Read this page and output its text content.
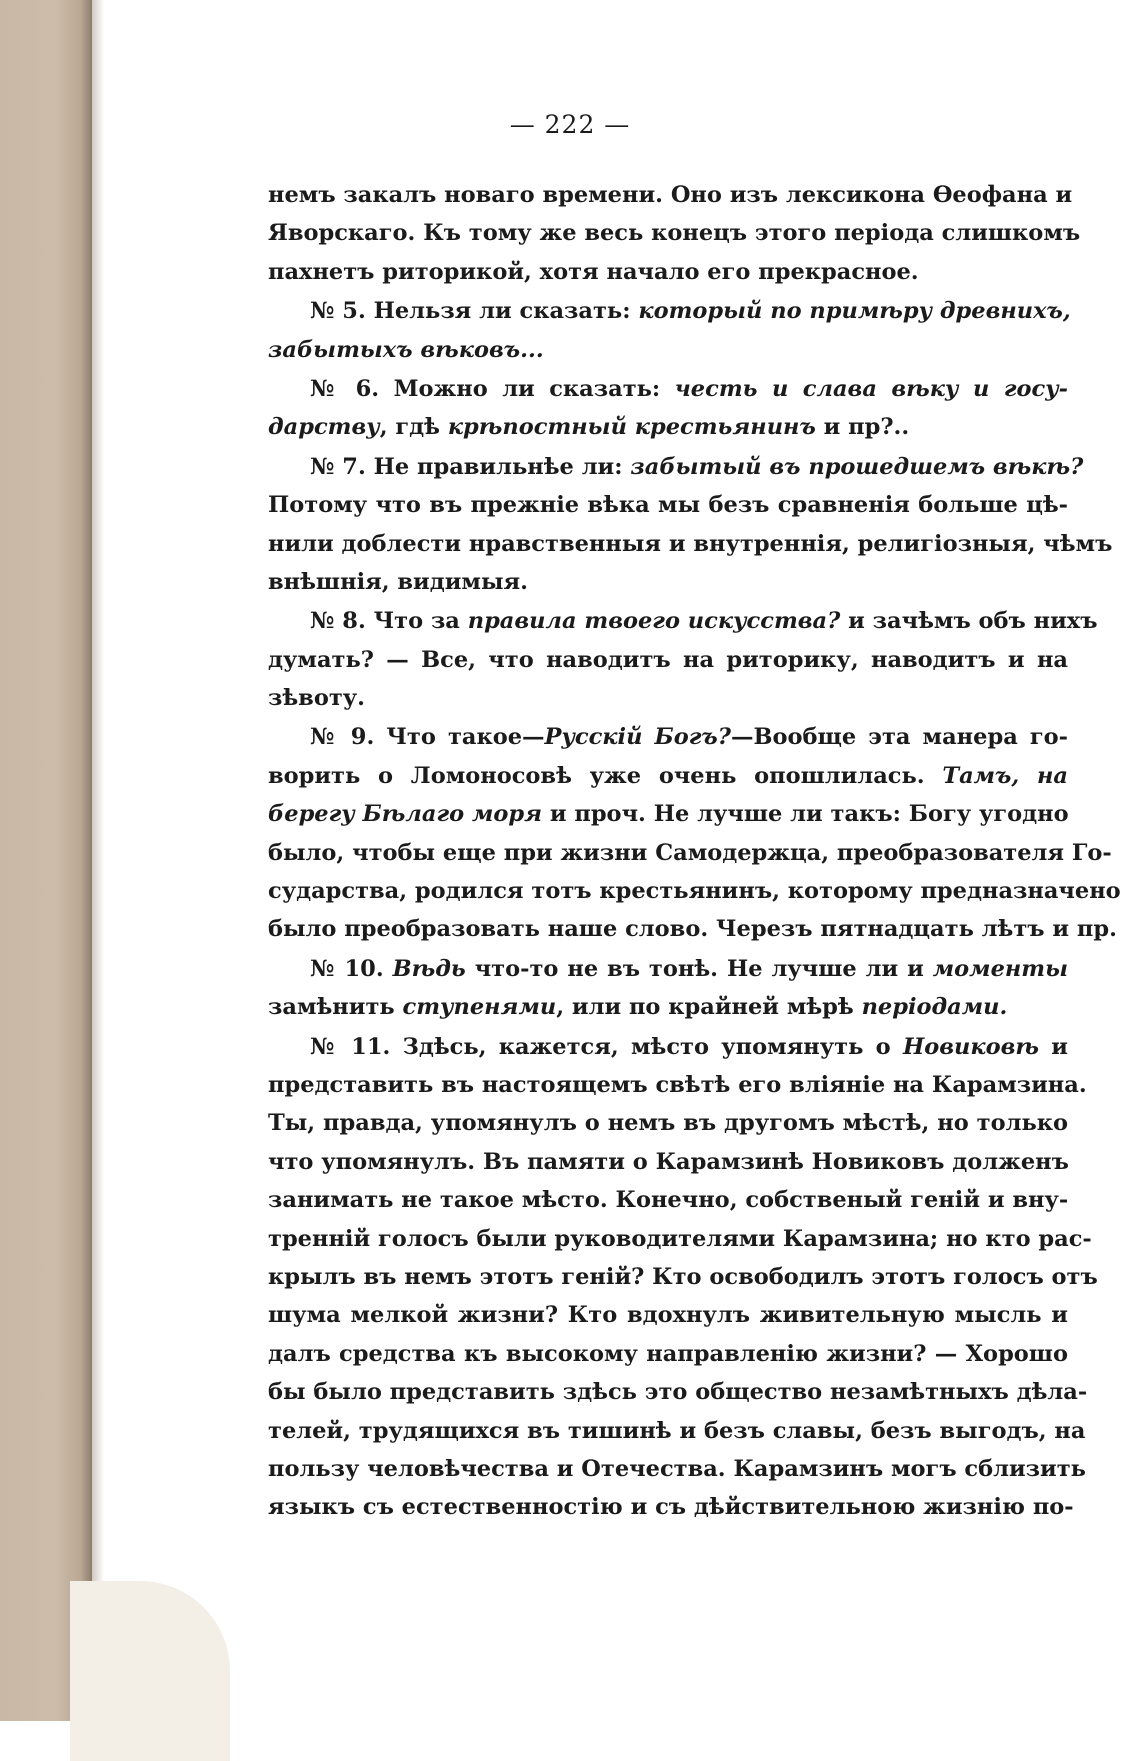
— 222 —
немъ закалъ новаго времени. Оно изъ лексикона Өеофана и
Яворскаго. Къ тому же весь конецъ этого періода слишкомъ
пахнетъ риторикой, хотя начало его прекрасное.
№ 5. Нельзя ли сказать: который по примѣру древнихъ,
забытыхъ вѣковъ...
№ 6. Можно ли сказать: честь и слава вѣку и госу-
дарству, гдѣ крѣпостный крестьянинъ и пр?..
№ 7. Не правильнѣе ли: забытый въ прошедшемъ вѣкѣ?
Потому что въ прежніе вѣка мы безъ сравненія больше цѣ-
нили доблести нравственныя и внутреннія, религіозныя, чѣмъ
внѣшнія, видимыя.
№ 8. Что за правила твоего искусства? и зачѣмъ объ нихъ
думать? — Все, что наводитъ на риторику, наводитъ и на
зѣвоту.
№ 9. Что такое—Русскій Богъ?—Вообще эта манера го-
ворить о Ломоносовѣ уже очень опошлилась. Тамъ, на
берегу Бѣлаго моря и проч. Не лучше ли такъ: Богу угодно
было, чтобы еще при жизни Самодержца, преобразователя Го-
сударства, родился тотъ крестьянинъ, которому предназначено
было преобразовать наше слово. Черезъ пятнадцать лѣтъ и пр.
№ 10. Вѣдь что-то не въ тонѣ. Не лучше ли и моменты
замѣнить ступенями, или по крайней мѣрѣ періодами.
№ 11. Здѣсь, кажется, мѣсто упомянуть о Новиковѣ и
представить въ настоящемъ свѣтѣ его вліяніе на Карамзина.
Ты, правда, упомянулъ о немъ въ другомъ мѣстѣ, но только
что упомянулъ. Въ памяти о Карамзинѣ Новиковъ долженъ
занимать не такое мѣсто. Конечно, собственый геній и вну-
тренній голосъ были руководителями Карамзина; но кто рас-
крылъ въ немъ этотъ геній? Кто освободилъ этотъ голосъ отъ
шума мелкой жизни? Кто вдохнулъ живительную мысль и
далъ средства къ высокому направленію жизни? — Хорошо
бы было представить здѣсь это общество незамѣтныхъ дѣла-
телей, трудящихся въ тишинѣ и безъ славы, безъ выгодъ, на
пользу человѣчества и Отечества. Карамзинъ могъ сблизить
языкъ съ естественностію и съ дѣйствительною жизнію по-
